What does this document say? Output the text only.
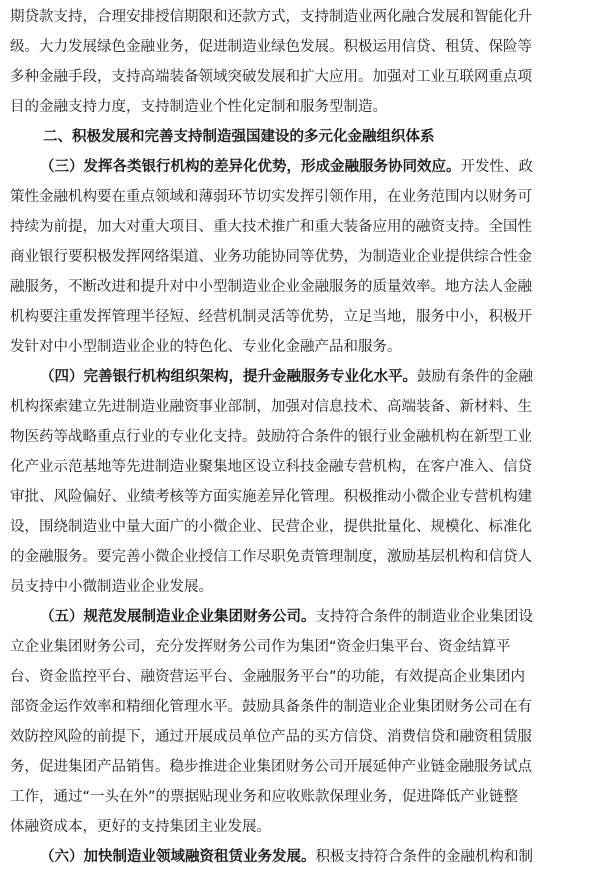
期贷款支持，合理安排授信期限和还款方式，支持制造业两化融合发展和智能化升
级。大力发展绿色金融业务，促进制造业绿色发展。积极运用信贷、租赁、保险等
多种金融手段，支持高端装备领域突破发展和扩大应用。加强对工业互联网重点项
目的金融支持力度，支持制造业个性化定制和服务型制造。
二、积极发展和完善支持制造强国建设的多元化金融组织体系
（三）发挥各类银行机构的差异化优势，形成金融服务协同效应。开发性、政
策性金融机构要在重点领域和薄弱环节切实发挥引领作用，在业务范围内以财务可
持续为前提，加大对重大项目、重大技术推广和重大装备应用的融资支持。全国性
商业银行要积极发挥网络渠道、业务功能协同等优势，为制造业企业提供综合性金
融服务，不断改进和提升对中小型制造业企业金融服务的质量效率。地方法人金融
机构要注重发挥管理半径短、经营机制灵活等优势，立足当地，服务中小，积极开
发针对中小型制造业企业的特色化、专业化金融产品和服务。
（四）完善银行机构组织架构，提升金融服务专业化水平。鼓励有条件的金融
机构探索建立先进制造业融资事业部制，加强对信息技术、高端装备、新材料、生
物医药等战略重点行业的专业化支持。鼓励符合条件的银行业金融机构在新型工业
化产业示范基地等先进制造业聚集地区设立科技金融专营机构，在客户准入、信贷
审批、风险偏好、业绩考核等方面实施差异化管理。积极推动小微企业专营机构建
设，围绕制造业中量大面广的小微企业、民营企业，提供批量化、规模化、标准化
的金融服务。要完善小微企业授信工作尽职免责管理制度，激励基层机构和信贷人
员支持中小微制造业企业发展。
（五）规范发展制造业企业集团财务公司。支持符合条件的制造业企业集团设
立企业集团财务公司，充分发挥财务公司作为集团“资金归集平台、资金结算平
台、资金监控平台、融资营运平台、金融服务平台”的功能，有效提高企业集团内
部资金运作效率和精细化管理水平。鼓励具备条件的制造业企业集团财务公司在有
效防控风险的前提下，通过开展成员单位产品的买方信贷、消费信贷和融资租赁服
务，促进集团产品销售。稳步推进企业集团财务公司开展延伸产业链金融服务试点
工作，通过“一头在外”的票据贴现业务和应收账款保理业务，促进降低产业链整
体融资成本，更好的支持集团主业发展。
（六）加快制造业领域融资租赁业务发展。积极支持符合条件的金融机构和制
